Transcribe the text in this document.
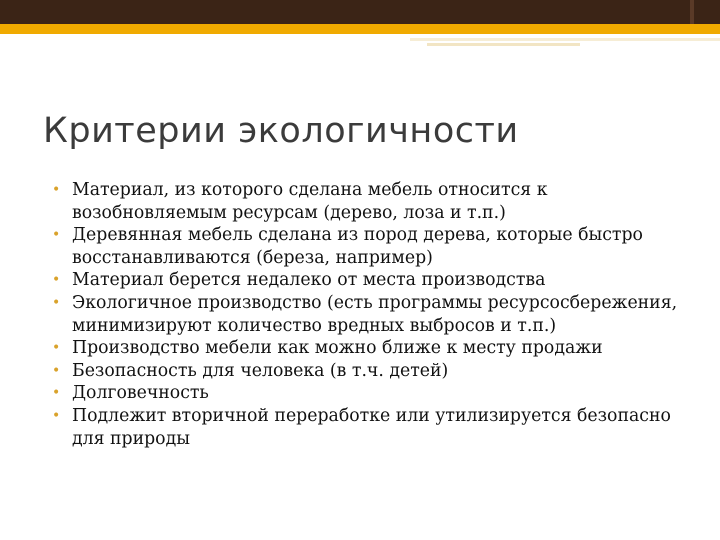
Критерии экологичности
• Материал, из которого сделана мебель относится к возобновляемым ресурсам (дерево, лоза и т.п.)
• Деревянная мебель сделана из пород дерева, которые быстро восстанавливаются (береза, например)
• Материал берется недалеко от места производства
• Экологичное производство (есть программы ресурсосбережения, минимизируют количество вредных выбросов и т.п.)
• Производство мебели как можно ближе к месту продажи
• Безопасность для человека (в т.ч. детей)
• Долговечность
• Подлежит вторичной переработке или утилизируется безопасно для природы
